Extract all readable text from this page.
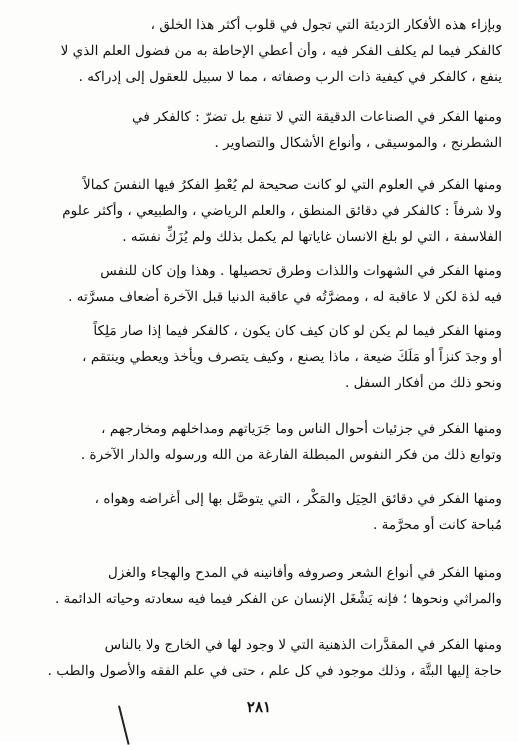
وبإزاء هذه الأفكار الرَديئة التي تجول في قلوب أكثر هذا الخلق ،
كالفكر فيما لم يكلف الفكر فيه ، وأن أعطي الإحاطة به من فضول العلم الذي لا
ينفع ، كالفكر في كيفية ذات الرب وصفاته ، مما لا سبيل للعقول إلى إدراكه .
ومنها الفكر في الصناعات الدقيقة التي لا تنفع بل تضرّ : كالفكر في
الشطرنج ، والموسيقى ، وأنواع الأشكال والتصاوير .
ومنها الفكر في العلوم التي لو كانت صحيحة لم يُعْطِ الفكرُ فيها النفسَ كمالاً
ولا شرفاً : كالفكر في دقائق المنطق ، والعلم الرياضي ، والطبيعي ، وأكثر علوم
الفلاسفة ، التي لو بلغ الانسان غاياتها لم يكمل بذلك ولم يُزَكِّ نفسَه .
ومنها الفكر في الشهوات واللذات وطرق تحصيلها . وهذا وإن كان للنفس
فيه لذة لكن لا عاقبة له ، ومضرَّتُه في عاقبة الدنيا قبل الآخرة أضعاف مسرَّته .
ومنها الفكر فيما لم يكن لو كان كيف كان يكون ، كالفكر فيما إذا صار مَلِكاً
أو وجدَ كنزاً أو مَلَكَ ضيعة ، ماذا يصنع ، وكيف يتصرف ويأخذ ويعطي وينتقم ،
ونحو ذلك من أفكار السفل .
ومنها الفكر في جزئيات أحوال الناس وما جَرَياتهم ومداخلهم ومخارجهم ،
وتوابع ذلك من فكر النفوس المبطلة الفارغة من الله ورسوله والدار الآخرة .
ومنها الفكر في دقائق الحِيَل والمَكْر ، التي يتوصَّل بها إلى أغراضه وهواه ،
مُباحة كانت أو محرَّمة .
ومنها الفكر في أنواع الشعر وصروفه وأفانينه في المدح والهجاء والغزل
والمراثي ونحوها ؛ فإنه يَشْغَل الإنسان عن الفكر فيما فيه سعادته وحياته الدائمة .
ومنها الفكر في المقدَّرات الذهنية التي لا وجود لها في الخارج ولا بالناس
حاجة إليها البتَّة ، وذلك موجود في كل علم ، حتى في علم الفقه والأصول والطب .
٢٨١
